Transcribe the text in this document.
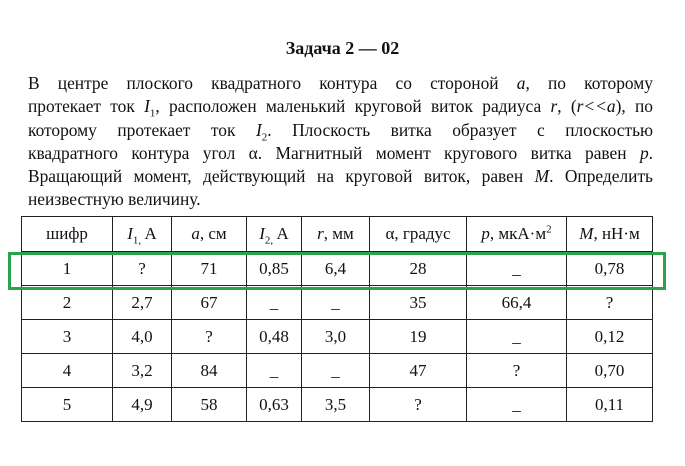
Задача 2 — 02
В центре плоского квадратного контура со стороной a, по которому
протекает ток $I_1$, расположен маленький круговой виток радиуса r, (r<<a), по
которому протекает ток $I_2$. Плоскость витка образует с плоскостью
квадратного контура угол α. Магнитный момент кругового витка равен p.
Вращающий момент, действующий на круговой виток, равен M. Определить
неизвестную величину.
шифр	$I_{1,}$ A	a, см	$I_{2,}$ A	r, мм	α, градус	p, $мкА\cdot м^2$	M, нН·м
1	?	71	0,85	6,4	28	_	0,78
2	2,7	67	_	_	35	66,4	?
3	4,0	?	0,48	3,0	19	_	0,12
4	3,2	84	_	_	47	?	0,70
5	4,9	58	0,63	3,5	?	_	0,11
